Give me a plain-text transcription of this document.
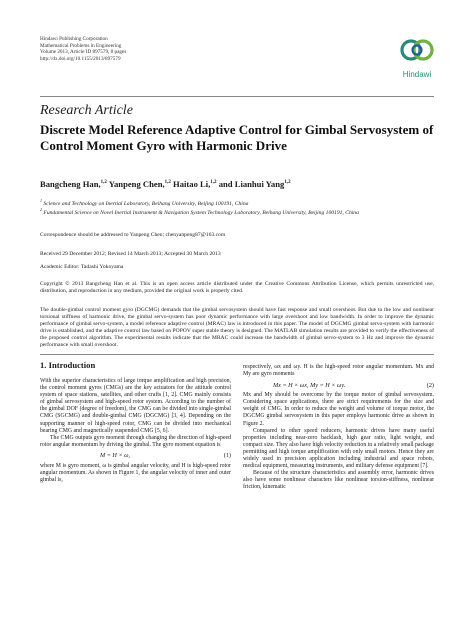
Hindawi Publishing Corporation
Mathematical Problems in Engineering
Volume 2013, Article ID 897579, 8 pages
http://dx.doi.org/10.1155/2013/897579
Hindawi
Research Article
Discrete Model Reference Adaptive Control for Gimbal Servosystem of Control Moment Gyro with Harmonic Drive
Bangcheng Han,$^{1,2}$ Yanpeng Chen,$^{1,2}$ Haitao Li,$^{1,2}$ and Lianhui Yang$^{1,2}$
$^1$ Science and Technology on Inertial Laboratory, Beihang University, Beijing 100191, China
$^2$ Fundamental Science on Novel Inertial Instrument & Navigation System Technology Laboratory, Beihang University, Beijing 100191, China
Correspondence should be addressed to Yanpeng Chen; chenyanpeng87@163.com
Received 29 December 2012; Revised 14 March 2013; Accepted 30 March 2013
Academic Editor: Tadashi Yokoyama
Copyright © 2013 Bangcheng Han et al. This is an open access article distributed under the Creative Commons Attribution License, which permits unrestricted use, distribution, and reproduction in any medium, provided the original work is properly cited.
The double-gimbal control moment gyro (DGCMG) demands that the gimbal servosystem should have fast response and small overshoot. But due to the low and nonlinear torsional stiffness of harmonic drive, the gimbal servo-system has poor dynamic performance with large overshoot and low bandwidth. In order to improve the dynamic performance of gimbal servo-system, a model reference adaptive control (MRAC) law is introduced in this paper. The model of DGCMG gimbal servo-system with harmonic drive is established, and the adaptive control law based on POPOV super stable theory is designed. The MATLAB simulation results are provided to verify the effectiveness of the proposed control algorithm. The experimental results indicate that the MRAC could increase the bandwidth of gimbal servo-system to 3 Hz and improve the dynamic performance with small overshoot.
1. Introduction

With the superior characteristics of large torque amplification and high precision, the control moment gyros (CMGs) are the key actuators for the attitude control system of space stations, satellites, and other crafts [1, 2]. CMG mainly consists of gimbal servosystem and high-speed rotor system. According to the number of the gimbal DOF (degree of freedom), the CMG can be divided into single-gimbal CMG (SGCMG) and double-gimbal CMG (DGCMG) [3, 4]. Depending on the supporting manner of high-speed rotor, CMG can be divided into mechanical bearing CMG and magnetically suspended CMG [5, 6].

The CMG outputs gyro moment through changing the direction of high-speed rotor angular momentum by driving the gimbal. The gyro moment equation is

M = H × ω,	(1)

where M is gyro moment, ω is gimbal angular velocity, and H is high-speed rotor angular momentum. As shown in Figure 1, the angular velocity of inner and outer gimbal is,

respectively, ωx and ωy. H is the high-speed rotor angular momentum. Mx and My are gyro moments

Mx = H × ωx, My = H × ωy.	(2)

Mx and My should be overcome by the torque motor of gimbal servosystem. Considering space applications, there are strict requirements for the size and weight of CMG. In order to reduce the weight and volume of torque motor, the DGCMG gimbal servosystem in this paper employs harmonic drive as shown in Figure 2.

Compared to other speed reducers, harmonic drives have many useful properties including near-zero backlash, high gear ratio, light weight, and compact size. They also have high velocity reduction in a relatively small package permitting and high torque amplification with only small motors. Hence they are widely used in precision application including industrial and space robots, medical equipment, measuring instruments, and military defense equipment [7].

Because of the structure characteristics and assembly error, harmonic drives also have some nonlinear characters like nonlinear torsion-stiffness, nonlinear friction, kinematic
